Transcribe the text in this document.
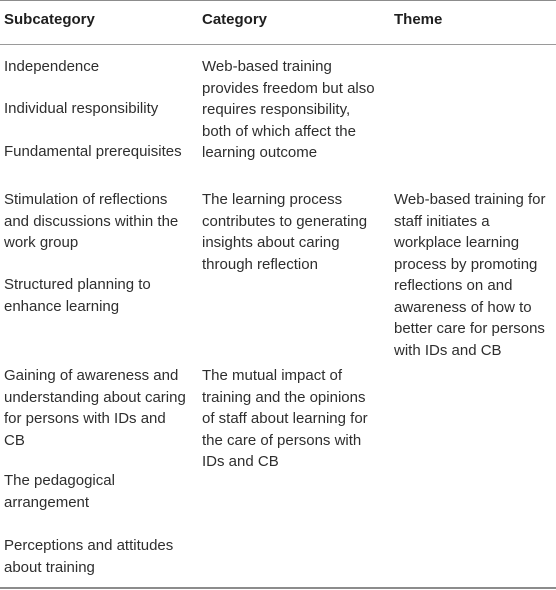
Subcategory	Category	Theme
Independence
Individual responsibility
Fundamental prerequisites
Web-based training provides freedom but also requires responsibility, both of which affect the learning outcome
Stimulation of reflections and discussions within the work group
Structured planning to enhance learning
The learning process contributes to generating insights about caring through reflection
Web-based training for staff initiates a workplace learning process by promoting reflections on and awareness of how to better care for persons with IDs and CB
Gaining of awareness and understanding about caring for persons with IDs and CB
The pedagogical arrangement
Perceptions and attitudes about training
The mutual impact of training and the opinions of staff about learning for the care of persons with IDs and CB
